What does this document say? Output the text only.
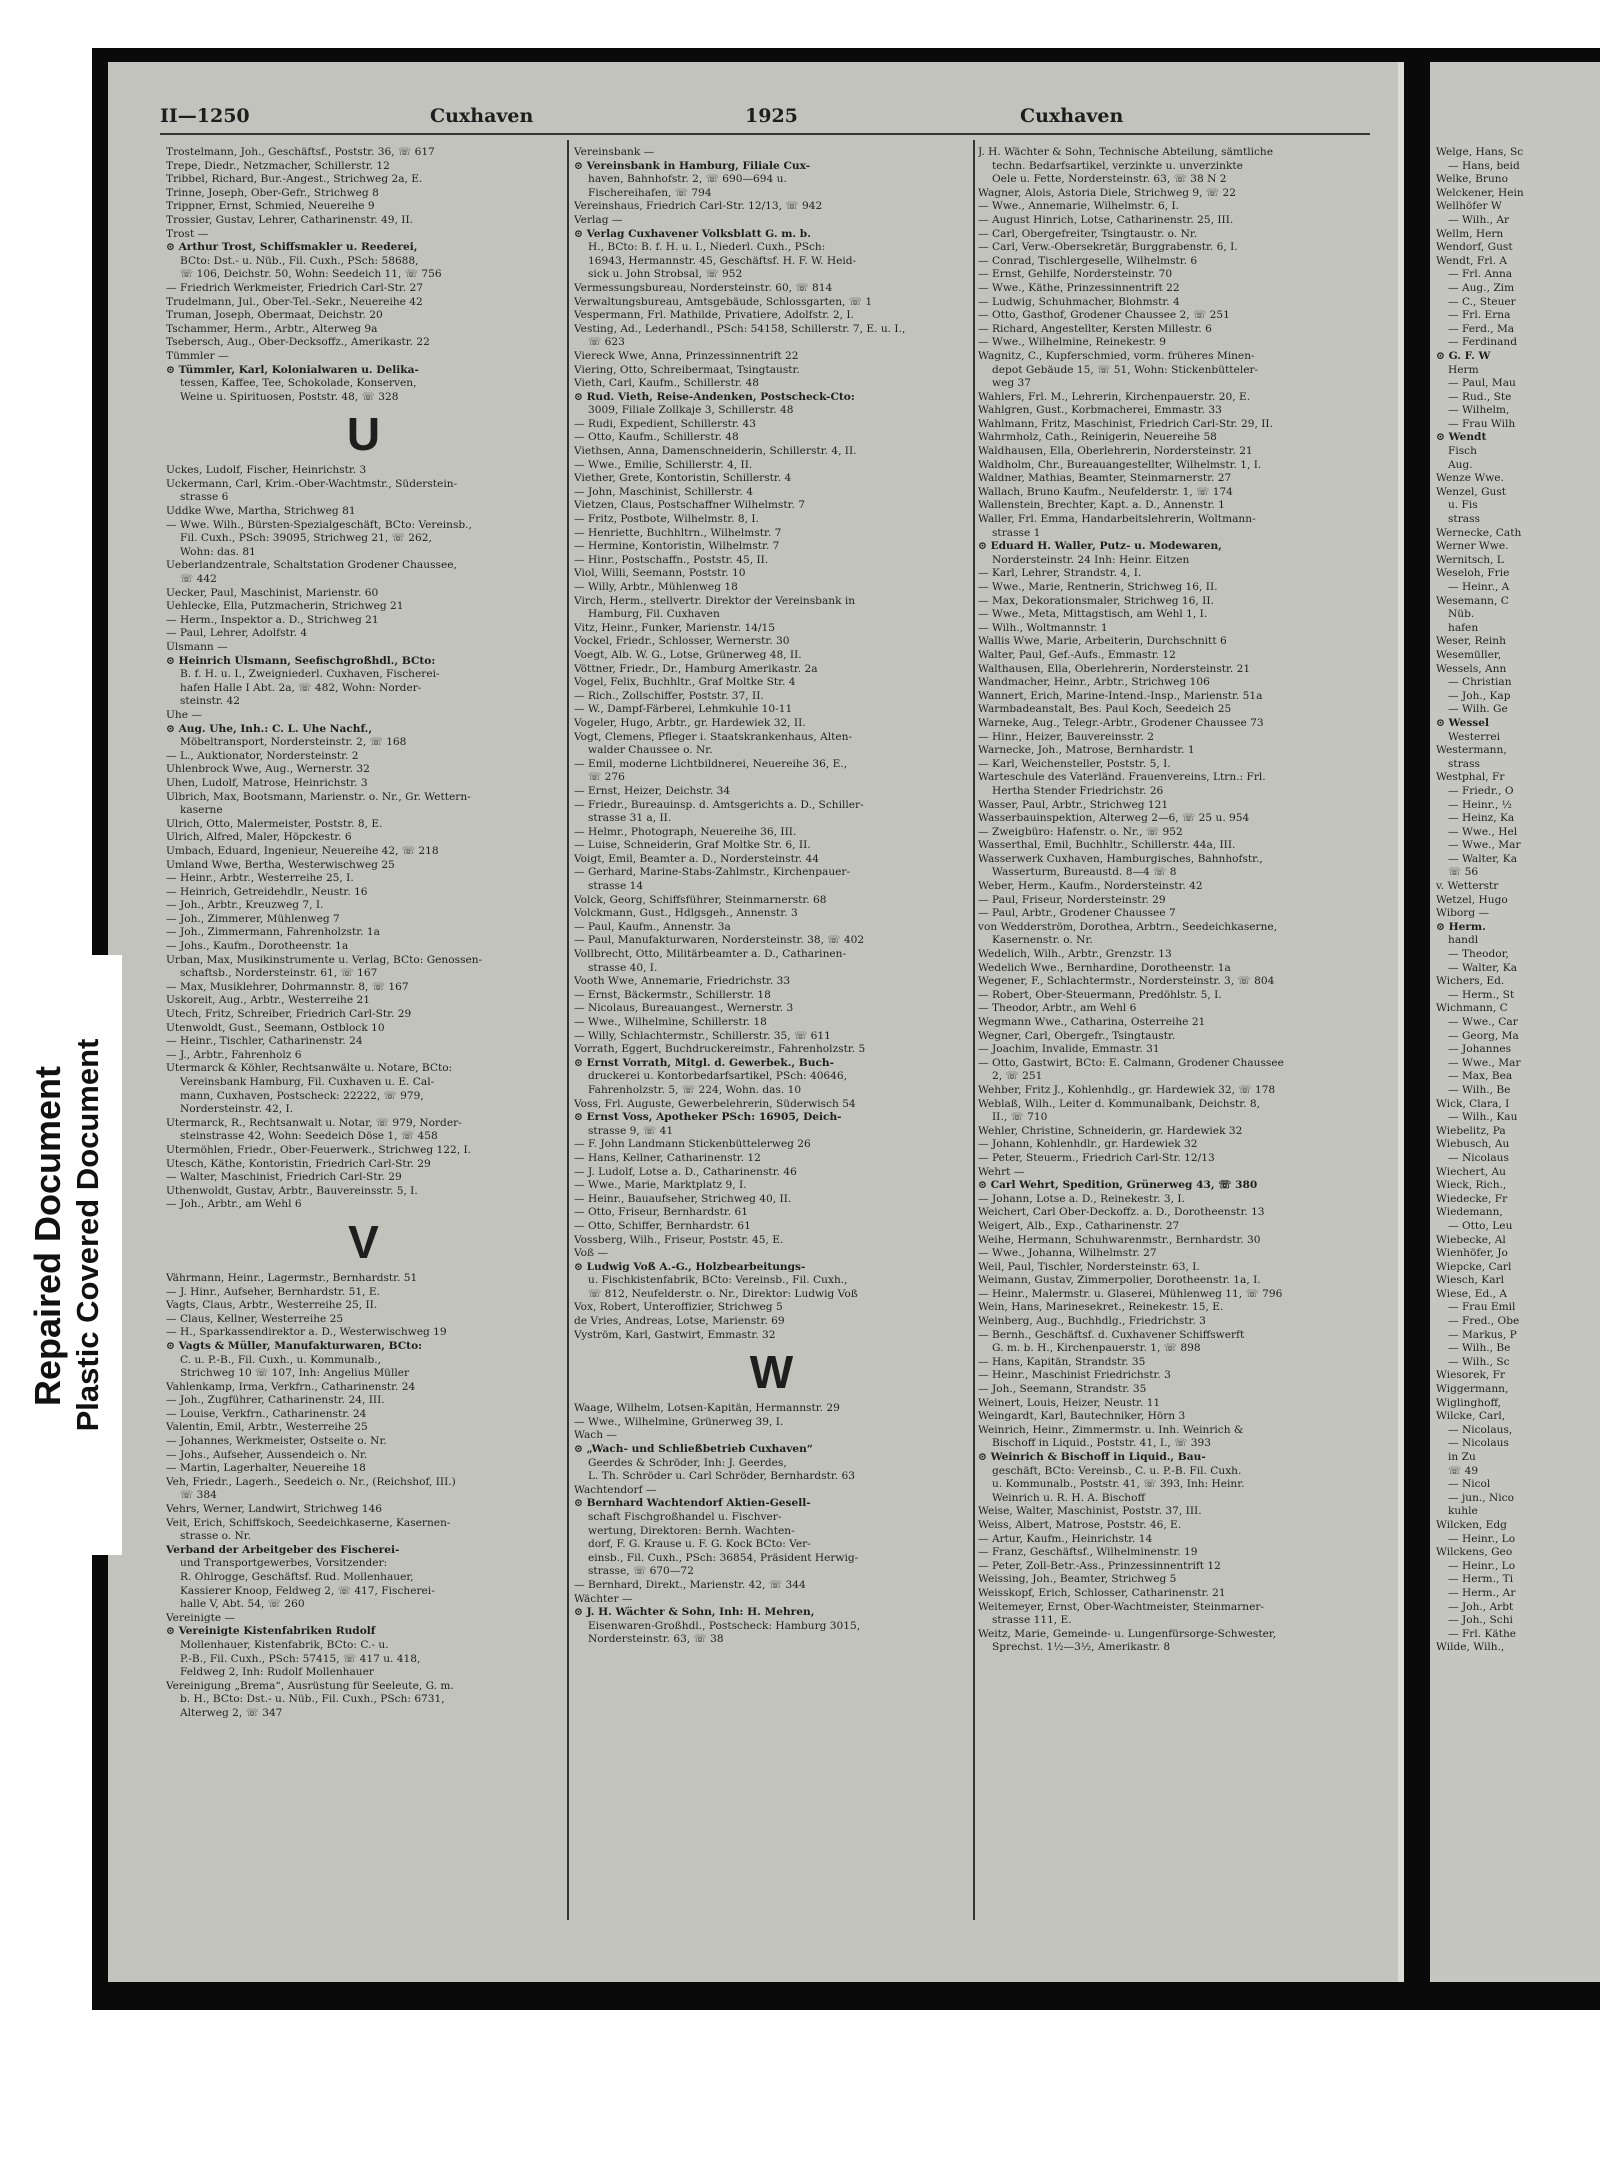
II—1250	Cuxhaven	1925	Cuxhaven
Trostelmann, Joh., Geschäftsf., Poststr. 36, ☏ 617
Trepe, Diedr., Netzmacher, Schillerstr. 12
Tribbel, Richard, Bur.-Angest., Strichweg 2a, E.
Trinne, Joseph, Ober-Gefr., Strichweg 8
Trippner, Ernst, Schmied, Neuereihe 9
Trossier, Gustav, Lehrer, Catharinenstr. 49, II.
Trost —
⊙ Arthur Trost, Schiffsmakler u. Reederei,
BCto: Dst.- u. Nüb., Fil. Cuxh., PSch: 58688,
☏ 106, Deichstr. 50, Wohn: Seedeich 11, ☏ 756
— Friedrich Werkmeister, Friedrich Carl-Str. 27
Trudelmann, Jul., Ober-Tel.-Sekr., Neuereihe 42
Truman, Joseph, Obermaat, Deichstr. 20
Tschammer, Herm., Arbtr., Alterweg 9a
Tsebersch, Aug., Ober-Decksoffz., Amerikastr. 22
Tümmler —
⊙ Tümmler, Karl, Kolonialwaren u. Delika-
tessen, Kaffee, Tee, Schokolade, Konserven,
Weine u. Spirituosen, Poststr. 48, ☏ 328
U
Uckes, Ludolf, Fischer, Heinrichstr. 3
Uckermann, Carl, Krim.-Ober-Wachtmstr., Süderstein-
strasse 6
Uddke Wwe, Martha, Strichweg 81
— Wwe. Wilh., Bürsten-Spezialgeschäft, BCto: Vereinsb.,
Fil. Cuxh., PSch: 39095, Strichweg 21, ☏ 262,
Wohn: das. 81
Ueberlandzentrale, Schaltstation Grodener Chaussee,
☏ 442
Uecker, Paul, Maschinist, Marienstr. 60
Uehlecke, Ella, Putzmacherin, Strichweg 21
— Herm., Inspektor a. D., Strichweg 21
— Paul, Lehrer, Adolfstr. 4
Ülsmann —
⊙ Heinrich Ülsmann, Seefischgroßhdl., BCto:
B. f. H. u. I., Zweigniederl. Cuxhaven, Fischerei-
hafen Halle I Abt. 2a, ☏ 482, Wohn: Norder-
steinstr. 42
Uhe —
⊙ Aug. Uhe, Inh.: C. L. Uhe Nachf.,
Möbeltransport, Nordersteinstr. 2, ☏ 168
— L., Auktionator, Nordersteinstr. 2
Uhlenbrock Wwe, Aug., Wernerstr. 32
Uhen, Ludolf, Matrose, Heinrichstr. 3
Ulbrich, Max, Bootsmann, Marienstr. o. Nr., Gr. Wettern-
kaserne
Ulrich, Otto, Malermeister, Poststr. 8, E.
Ulrich, Alfred, Maler, Höpckestr. 6
Umbach, Eduard, Ingenieur, Neuereihe 42, ☏ 218
Umland Wwe, Bertha, Westerwischweg 25
— Heinr., Arbtr., Westerreihe 25, I.
— Heinrich, Getreidehdlr., Neustr. 16
— Joh., Arbtr., Kreuzweg 7, I.
— Joh., Zimmerer, Mühlenweg 7
— Joh., Zimmermann, Fahrenholzstr. 1a
— Johs., Kaufm., Dorotheenstr. 1a
Urban, Max, Musikinstrumente u. Verlag, BCto: Genossen-
schaftsb., Nordersteinstr. 61, ☏ 167
— Max, Musiklehrer, Dohrmannstr. 8, ☏ 167
Uskoreit, Aug., Arbtr., Westerreihe 21
Utech, Fritz, Schreiber, Friedrich Carl-Str. 29
Utenwoldt, Gust., Seemann, Ostblock 10
— Heinr., Tischler, Catharinenstr. 24
— J., Arbtr., Fahrenholz 6
Utermarck & Köhler, Rechtsanwälte u. Notare, BCto:
Vereinsbank Hamburg, Fil. Cuxhaven u. E. Cal-
mann, Cuxhaven, Postscheck: 22222, ☏ 979,
Nordersteinstr. 42, I.
Utermarck, R., Rechtsanwalt u. Notar, ☏ 979, Norder-
steinstrasse 42, Wohn: Seedeich Döse 1, ☏ 458
Utermöhlen, Friedr., Ober-Feuerwerk., Strichweg 122, I.
Utesch, Käthe, Kontoristin, Friedrich Carl-Str. 29
— Walter, Maschinist, Friedrich Carl-Str. 29
Uthenwoldt, Gustav, Arbtr., Bauvereinsstr. 5, I.
— Joh., Arbtr., am Wehl 6
V
Vährmann, Heinr., Lagermstr., Bernhardstr. 51
— J. Hinr., Aufseher, Bernhardstr. 51, E.
Vagts, Claus, Arbtr., Westerreihe 25, II.
— Claus, Kellner, Westerreihe 25
— H., Sparkassendirektor a. D., Westerwischweg 19
⊙ Vagts & Müller, Manufakturwaren, BCto:
C. u. P.-B., Fil. Cuxh., u. Kommunalb.,
Strichweg 10 ☏ 107, Inh: Angelius Müller
Vahlenkamp, Irma, Verkfrn., Catharinenstr. 24
— Joh., Zugführer, Catharinenstr. 24, III.
— Louise, Verkfrn., Catharinenstr. 24
Valentin, Emil, Arbtr., Westerreihe 25
— Johannes, Werkmeister, Ostseite o. Nr.
— Johs., Aufseher, Aussendeich o. Nr.
— Martin, Lagerhalter, Neuereihe 18
Veh, Friedr., Lagerh., Seedeich o. Nr., (Reichshof, III.)
☏ 384
Vehrs, Werner, Landwirt, Strichweg 146
Veit, Erich, Schiffskoch, Seedeichkaserne, Kasernen-
strasse o. Nr.
Verband der Arbeitgeber des Fischerei-
und Transportgewerbes, Vorsitzender:
R. Ohlrogge, Geschäftsf. Rud. Mollenhauer,
Kassierer Knoop, Feldweg 2, ☏ 417, Fischerei-
halle V, Abt. 54, ☏ 260
Vereinigte —
⊙ Vereinigte Kistenfabriken Rudolf
Mollenhauer, Kistenfabrik, BCto: C.- u.
P.-B., Fil. Cuxh., PSch: 57415, ☏ 417 u. 418,
Feldweg 2, Inh: Rudolf Mollenhauer
Vereinigung „Brema“, Ausrüstung für Seeleute, G. m.
b. H., BCto: Dst.- u. Nüb., Fil. Cuxh., PSch: 6731,
Alterweg 2, ☏ 347
Vereinsbank —
⊙ Vereinsbank in Hamburg, Filiale Cux-
haven, Bahnhofstr. 2, ☏ 690—694 u.
Fischereihafen, ☏ 794
Vereinshaus, Friedrich Carl-Str. 12/13, ☏ 942
Verlag —
⊙ Verlag Cuxhavener Volksblatt G. m. b.
H., BCto: B. f. H. u. I., Niederl. Cuxh., PSch:
16943, Hermannstr. 45, Geschäftsf. H. F. W. Heid-
sick u. John Strobsal, ☏ 952
Vermessungsbureau, Nordersteinstr. 60, ☏ 814
Verwaltungsbureau, Amtsgebäude, Schlossgarten, ☏ 1
Vespermann, Frl. Mathilde, Privatiere, Adolfstr. 2, I.
Vesting, Ad., Lederhandl., PSch: 54158, Schillerstr. 7, E. u. I.,
☏ 623
Viereck Wwe, Anna, Prinzessinnentrift 22
Viering, Otto, Schreibermaat, Tsingtaustr.
Vieth, Carl, Kaufm., Schillerstr. 48
⊙ Rud. Vieth, Reise-Andenken, Postscheck-Cto:
3009, Filiale Zollkaje 3, Schillerstr. 48
— Rudi, Expedient, Schillerstr. 43
— Otto, Kaufm., Schillerstr. 48
Viethsen, Anna, Damenschneiderin, Schillerstr. 4, II.
— Wwe., Emilie, Schillerstr. 4, II.
Viether, Grete, Kontoristin, Schillerstr. 4
— John, Maschinist, Schillerstr. 4
Vietzen, Claus, Postschaffner Wilhelmstr. 7
— Fritz, Postbote, Wilhelmstr. 8, I.
— Henriette, Buchhltrn., Wilhelmstr. 7
— Hermine, Kontoristin, Wilhelmstr. 7
— Hinr., Postschaffn., Poststr. 45, II.
Viol, Willi, Seemann, Poststr. 10
— Willy, Arbtr., Mühlenweg 18
Virch, Herm., stellvertr. Direktor der Vereinsbank in
Hamburg, Fil. Cuxhaven
Vitz, Heinr., Funker, Marienstr. 14/15
Vockel, Friedr., Schlosser, Wernerstr. 30
Voegt, Alb. W. G., Lotse, Grünerweg 48, II.
Vöttner, Friedr., Dr., Hamburg Amerikastr. 2a
Vogel, Felix, Buchhltr., Graf Moltke Str. 4
— Rich., Zollschiffer, Poststr. 37, II.
— W., Dampf-Färberei, Lehmkuhle 10-11
Vogeler, Hugo, Arbtr., gr. Hardewiek 32, II.
Vogt, Clemens, Pfleger i. Staatskrankenhaus, Alten-
walder Chaussee o. Nr.
— Emil, moderne Lichtbildnerei, Neuereihe 36, E.,
☏ 276
— Ernst, Heizer, Deichstr. 34
— Friedr., Bureauinsp. d. Amtsgerichts a. D., Schiller-
strasse 31 a, II.
— Helmr., Photograph, Neuereihe 36, III.
— Luise, Schneiderin, Graf Moltke Str. 6, II.
Voigt, Emil, Beamter a. D., Nordersteinstr. 44
— Gerhard, Marine-Stabs-Zahlmstr., Kirchenpauer-
strasse 14
Volck, Georg, Schiffsführer, Steinmarnerstr. 68
Volckmann, Gust., Hdlgsgeh., Annenstr. 3
— Paul, Kaufm., Annenstr. 3a
— Paul, Manufakturwaren, Nordersteinstr. 38, ☏ 402
Vollbrecht, Otto, Militärbeamter a. D., Catharinen-
strasse 40, I.
Vooth Wwe, Annemarie, Friedrichstr. 33
— Ernst, Bäckermstr., Schillerstr. 18
— Nicolaus, Bureauangest., Wernerstr. 3
— Wwe., Wilhelmine, Schillerstr. 18
— Willy, Schlachtermstr., Schillerstr. 35, ☏ 611
Vorrath, Eggert, Buchdruckereimstr., Fahrenholzstr. 5
⊙ Ernst Vorrath, Mitgl. d. Gewerbek., Buch-
druckerei u. Kontorbedarfsartikel, PSch: 40646,
Fahrenholzstr. 5, ☏ 224, Wohn. das. 10
Voss, Frl. Auguste, Gewerbelehrerin, Süderwisch 54
⊙ Ernst Voss, Apotheker PSch: 16905, Deich-
strasse 9, ☏ 41
— F. John Landmann Stickenbüttelerweg 26
— Hans, Kellner, Catharinenstr. 12
— J. Ludolf, Lotse a. D., Catharinenstr. 46
— Wwe., Marie, Marktplatz 9, I.
— Heinr., Bauaufseher, Strichweg 40, II.
— Otto, Friseur, Bernhardstr. 61
— Otto, Schiffer, Bernhardstr. 61
Vossberg, Wilh., Friseur, Poststr. 45, E.
Voß —
⊙ Ludwig Voß A.-G., Holzbearbeitungs-
u. Fischkistenfabrik, BCto: Vereinsb., Fil. Cuxh.,
☏ 812, Neufelderstr. o. Nr., Direktor: Ludwig Voß
Vox, Robert, Unteroffizier, Strichweg 5
de Vries, Andreas, Lotse, Marienstr. 69
Vyström, Karl, Gastwirt, Emmastr. 32
W
Waage, Wilhelm, Lotsen-Kapitän, Hermannstr. 29
— Wwe., Wilhelmine, Grünerweg 39, I.
Wach —
⊙ „Wach- und Schließbetrieb Cuxhaven“
Geerdes & Schröder, Inh: J. Geerdes,
L. Th. Schröder u. Carl Schröder, Bernhardstr. 63
Wachtendorf —
⊙ Bernhard Wachtendorf Aktien-Gesell-
schaft Fischgroßhandel u. Fischver-
wertung, Direktoren: Bernh. Wachten-
dorf, F. G. Krause u. F. G. Kock BCto: Ver-
einsb., Fil. Cuxh., PSch: 36854, Präsident Herwig-
strasse, ☏ 670—72
— Bernhard, Direkt., Marienstr. 42, ☏ 344
Wächter —
⊙ J. H. Wächter & Sohn, Inh: H. Mehren,
Eisenwaren-Großhdl., Postscheck: Hamburg 3015,
Nordersteinstr. 63, ☏ 38
J. H. Wächter & Sohn, Technische Abteilung, sämtliche
techn. Bedarfsartikel, verzinkte u. unverzinkte
Oele u. Fette, Nordersteinstr. 63, ☏ 38 N 2
Wagner, Alois, Astoria Diele, Strichweg 9, ☏ 22
— Wwe., Annemarie, Wilhelmstr. 6, I.
— August Hinrich, Lotse, Catharinenstr. 25, III.
— Carl, Obergefreiter, Tsingtaustr. o. Nr.
— Carl, Verw.-Obersekretär, Burggrabenstr. 6, I.
— Conrad, Tischlergeselle, Wilhelmstr. 6
— Ernst, Gehilfe, Nordersteinstr. 70
— Wwe., Käthe, Prinzessinnentrift 22
— Ludwig, Schuhmacher, Blohmstr. 4
— Otto, Gasthof, Grodener Chaussee 2, ☏ 251
— Richard, Angestellter, Kersten Millestr. 6
— Wwe., Wilhelmine, Reinekestr. 9
Wagnitz, C., Kupferschmied, vorm. früheres Minen-
depot Gebäude 15, ☏ 51, Wohn: Stickenbütteler-
weg 37
Wahlers, Frl. M., Lehrerin, Kirchenpauerstr. 20, E.
Wahlgren, Gust., Korbmacherei, Emmastr. 33
Wahlmann, Fritz, Maschinist, Friedrich Carl-Str. 29, II.
Wahrmholz, Cath., Reinigerin, Neuereihe 58
Waldhausen, Ella, Oberlehrerin, Nordersteinstr. 21
Waldholm, Chr., Bureauangestellter, Wilhelmstr. 1, I.
Waldner, Mathias, Beamter, Steinmarnerstr. 27
Wallach, Bruno Kaufm., Neufelderstr. 1, ☏ 174
Wallenstein, Brechter, Kapt. a. D., Annenstr. 1
Waller, Frl. Emma, Handarbeitslehrerin, Woltmann-
strasse 1
⊙ Eduard H. Waller, Putz- u. Modewaren,
Nordersteinstr. 24 Inh: Heinr. Eitzen
— Karl, Lehrer, Strandstr. 4, I.
— Wwe., Marie, Rentnerin, Strichweg 16, II.
— Max, Dekorationsmaler, Strichweg 16, II.
— Wwe., Meta, Mittagstisch, am Wehl 1, I.
— Wilh., Woltmannstr. 1
Wallis Wwe, Marie, Arbeiterin, Durchschnitt 6
Walter, Paul, Gef.-Aufs., Emmastr. 12
Walthausen, Ella, Oberlehrerin, Nordersteinstr. 21
Wandmacher, Heinr., Arbtr., Strichweg 106
Wannert, Erich, Marine-Intend.-Insp., Marienstr. 51a
Warmbadeanstalt, Bes. Paul Koch, Seedeich 25
Warneke, Aug., Telegr.-Arbtr., Grodener Chaussee 73
— Hinr., Heizer, Bauvereinsstr. 2
Warnecke, Joh., Matrose, Bernhardstr. 1
— Karl, Weichensteller, Poststr. 5, I.
Warteschule des Vaterländ. Frauenvereins, Ltrn.: Frl.
Hertha Stender Friedrichstr. 26
Wasser, Paul, Arbtr., Strichweg 121
Wasserbauinspektion, Alterweg 2—6, ☏ 25 u. 954
— Zweigbüro: Hafenstr. o. Nr., ☏ 952
Wasserthal, Emil, Buchhltr., Schillerstr. 44a, III.
Wasserwerk Cuxhaven, Hamburgisches, Bahnhofstr.,
Wasserturm, Bureaustd. 8—4 ☏ 8
Weber, Herm., Kaufm., Nordersteinstr. 42
— Paul, Friseur, Nordersteinstr. 29
— Paul, Arbtr., Grodener Chaussee 7
von Wedderström, Dorothea, Arbtrn., Seedeichkaserne,
Kasernenstr. o. Nr.
Wedelich, Wilh., Arbtr., Grenzstr. 13
Wedelich Wwe., Bernhardine, Dorotheenstr. 1a
Wegener, F., Schlachtermstr., Nordersteinstr. 3, ☏ 804
— Robert, Ober-Steuermann, Predöhlstr. 5, I.
— Theodor, Arbtr., am Wehl 6
Wegmann Wwe., Catharina, Osterreihe 21
Wegner, Carl, Obergefr., Tsingtaustr.
— Joachim, Invalide, Emmastr. 31
— Otto, Gastwirt, BCto: E. Calmann, Grodener Chaussee
2, ☏ 251
Wehber, Fritz J., Kohlenhdlg., gr. Hardewiek 32, ☏ 178
Weblaß, Wilh., Leiter d. Kommunalbank, Deichstr. 8,
II., ☏ 710
Wehler, Christine, Schneiderin, gr. Hardewiek 32
— Johann, Kohlenhdlr., gr. Hardewiek 32
— Peter, Steuerm., Friedrich Carl-Str. 12/13
Wehrt —
⊙ Carl Wehrt, Spedition, Grünerweg 43, ☏ 380
— Johann, Lotse a. D., Reinekestr. 3, I.
Weichert, Carl Ober-Deckoffz. a. D., Dorotheenstr. 13
Weigert, Alb., Exp., Catharinenstr. 27
Weihe, Hermann, Schuhwarenmstr., Bernhardstr. 30
— Wwe., Johanna, Wilhelmstr. 27
Weil, Paul, Tischler, Nordersteinstr. 63, I.
Weimann, Gustav, Zimmerpolier, Dorotheenstr. 1a, I.
— Heinr., Malermstr. u. Glaserei, Mühlenweg 11, ☏ 796
Wein, Hans, Marinesekret., Reinekestr. 15, E.
Weinberg, Aug., Buchhdlg., Friedrichstr. 3
— Bernh., Geschäftsf. d. Cuxhavener Schiffswerft
G. m. b. H., Kirchenpauerstr. 1, ☏ 898
— Hans, Kapitän, Strandstr. 35
— Heinr., Maschinist Friedrichstr. 3
— Joh., Seemann, Strandstr. 35
Weinert, Louis, Heizer, Neustr. 11
Weingardt, Karl, Bautechniker, Hörn 3
Weinrich, Heinr., Zimmermstr. u. Inh. Weinrich &
Bischoff in Liquid., Poststr. 41, I., ☏ 393
⊙ Weinrich & Bischoff in Liquid., Bau-
geschäft, BCto: Vereinsb., C. u. P.-B. Fil. Cuxh.
u. Kommunalb., Poststr. 41, ☏ 393, Inh: Heinr.
Weinrich u. R. H. A. Bischoff
Weise, Walter, Maschinist, Poststr. 37, III.
Weiss, Albert, Matrose, Poststr. 46, E.
— Artur, Kaufm., Heinrichstr. 14
— Franz, Geschäftsf., Wilhelminenstr. 19
— Peter, Zoll-Betr.-Ass., Prinzessinnentrift 12
Weissing, Joh., Beamter, Strichweg 5
Weisskopf, Erich, Schlosser, Catharinenstr. 21
Weitemeyer, Ernst, Ober-Wachtmeister, Steinmarner-
strasse 111, E.
Weitz, Marie, Gemeinde- u. Lungenfürsorge-Schwester,
Sprechst. 1½—3½, Amerikastr. 8
Welge, Hans, Sc
— Hans, beid
Welke, Bruno
Welckener, Hein
Wellhöfer W
— Wilh., Ar
Wellm, Hern
Wendorf, Gust
Wendt, Frl. A
— Frl. Anna
— Aug., Zim
— C., Steuer
— Frl. Erna
— Ferd., Ma
— Ferdinand
⊙ G. F. W
Herm
— Paul, Mau
— Rud., Ste
— Wilhelm,
— Frau Wilh
⊙ Wendt
Fisch
Aug.
Wenze Wwe.
Wenzel, Gust
u. Fis
strass
Wernecke, Cath
Werner Wwe.
Wernitsch, L
Weseloh, Frie
— Heinr., A
Wesemann, C
Nüb.
hafen
Weser, Reinh
Wesemüller,
Wessels, Ann
— Christian
— Joh., Kap
— Wilh. Ge
⊙ Wessel
Westerrei
Westermann,
strass
Westphal, Fr
— Friedr., O
— Heinr., ½
— Heinz, Ka
— Wwe., Hel
— Wwe., Mar
— Walter, Ka
☏ 56
v. Wetterstr
Wetzel, Hugo
Wiborg —
⊙ Herm.
handl
— Theodor,
— Walter, Ka
Wichers, Ed.
— Herm., St
Wichmann, C
— Wwe., Car
— Georg, Ma
— Johannes
— Wwe., Mar
— Max, Bea
— Wilh., Be
Wick, Clara, I
— Wilh., Kau
Wiebelitz, Pa
Wiebusch, Au
— Nicolaus
Wiechert, Au
Wieck, Rich.,
Wiedecke, Fr
Wiedemann,
— Otto, Leu
Wiebecke, Al
Wienhöfer, Jo
Wiepcke, Carl
Wiesch, Karl
Wiese, Ed., A
— Frau Emil
— Fred., Obe
— Markus, P
— Wilh., Be
— Wilh., Sc
Wiesorek, Fr
Wiggermann,
Wiglinghoff,
Wilcke, Carl,
— Nicolaus,
— Nicolaus
in Zu
☏ 49
— Nicol
— jun., Nico
kuhle
Wilcken, Edg
— Heinr., Lo
Wilckens, Geo
— Heinr., Lo
— Herm., Ti
— Herm., Ar
— Joh., Arbt
— Joh., Schi
— Frl. Käthe
Wilde, Wilh.,
Repaired Document Plastic Covered Document
